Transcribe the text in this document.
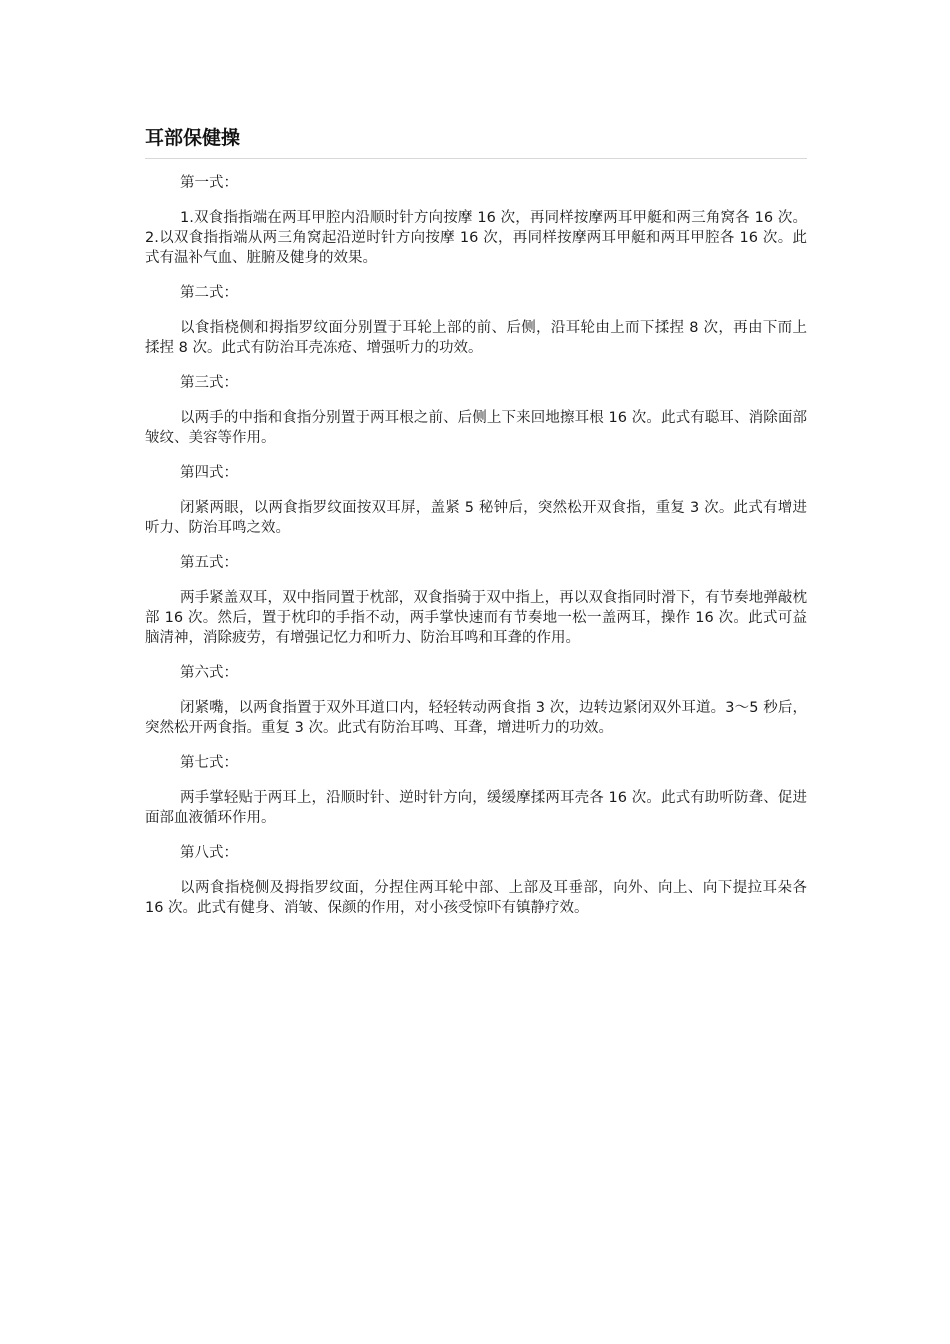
耳部保健操

第一式：

1.双食指指端在两耳甲腔内沿顺时针方向按摩 16 次，再同样按摩两耳甲艇和两三角窝各 16 次。2.以双食指指端从两三角窝起沿逆时针方向按摩 16 次，再同样按摩两耳甲艇和两耳甲腔各 16 次。此式有温补气血、脏腑及健身的效果。

第二式：

以食指桡侧和拇指罗纹面分别置于耳轮上部的前、后侧，沿耳轮由上而下揉捏 8 次，再由下而上揉捏 8 次。此式有防治耳壳冻疮、增强听力的功效。

第三式：

以两手的中指和食指分别置于两耳根之前、后侧上下来回地擦耳根 16 次。此式有聪耳、消除面部皱纹、美容等作用。

第四式：

闭紧两眼，以两食指罗纹面按双耳屏，盖紧 5 秘钟后，突然松开双食指，重复 3 次。此式有增进听力、防治耳鸣之效。

第五式：

两手紧盖双耳，双中指同置于枕部，双食指骑于双中指上，再以双食指同时滑下，有节奏地弹敲枕部 16 次。然后，置于枕印的手指不动，两手掌快速而有节奏地一松一盖两耳，操作 16 次。此式可益脑清神，消除疲劳，有增强记忆力和听力、防治耳鸣和耳聋的作用。

第六式：

闭紧嘴，以两食指置于双外耳道口内，轻轻转动两食指 3 次，边转边紧闭双外耳道。3～5 秒后，突然松开两食指。重复 3 次。此式有防治耳鸣、耳聋，增进听力的功效。

第七式：

两手掌轻贴于两耳上，沿顺时针、逆时针方向，缓缓摩揉两耳壳各 16 次。此式有助听防聋、促进面部血液循环作用。

第八式：

以两食指桡侧及拇指罗纹面，分捏住两耳轮中部、上部及耳垂部，向外、向上、向下提拉耳朵各 16 次。此式有健身、消皱、保颜的作用，对小孩受惊吓有镇静疗效。
